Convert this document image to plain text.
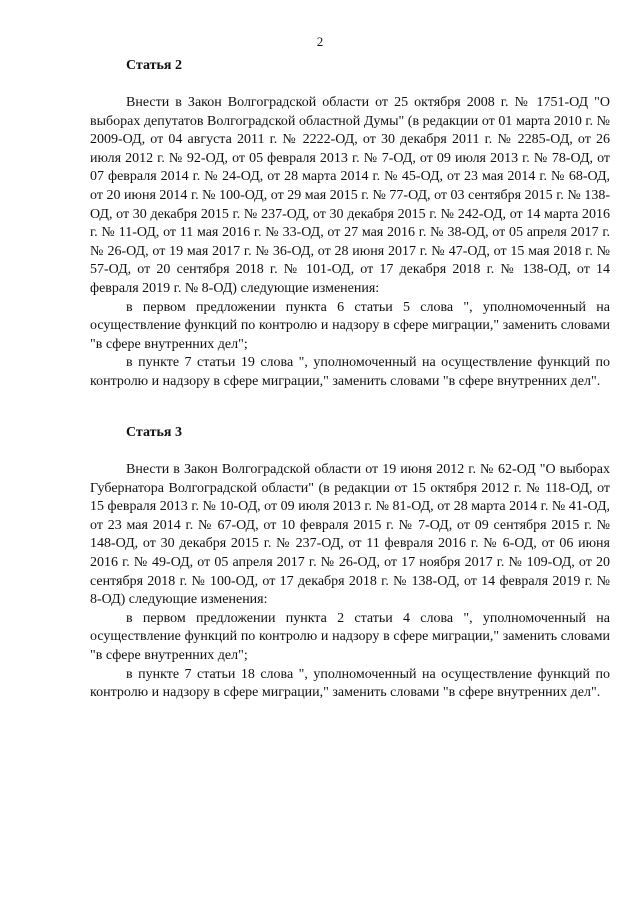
2

Статья 2

Внести в Закон Волгоградской области от 25 октября 2008 г. № 1751-ОД "О выборах депутатов Волгоградской областной Думы" (в редакции от 01 марта 2010 г. № 2009-ОД, от 04 августа 2011 г. № 2222-ОД, от 30 декабря 2011 г. № 2285-ОД, от 26 июля 2012 г. № 92-ОД, от 05 февраля 2013 г. № 7-ОД, от 09 июля 2013 г. № 78-ОД, от 07 февраля 2014 г. № 24-ОД, от 28 марта 2014 г. № 45-ОД, от 23 мая 2014 г. № 68-ОД, от 20 июня 2014 г. № 100-ОД, от 29 мая 2015 г. № 77-ОД, от 03 сентября 2015 г. № 138-ОД, от 30 декабря 2015 г. № 237-ОД, от 30 декабря 2015 г. № 242-ОД, от 14 марта 2016 г. № 11-ОД, от 11 мая 2016 г. № 33-ОД, от 27 мая 2016 г. № 38-ОД, от 05 апреля 2017 г. № 26-ОД, от 19 мая 2017 г. № 36-ОД, от 28 июня 2017 г. № 47-ОД, от 15 мая 2018 г. № 57-ОД, от 20 сентября 2018 г. № 101-ОД, от 17 декабря 2018 г. № 138-ОД, от 14 февраля 2019 г. № 8-ОД) следующие изменения:

в первом предложении пункта 6 статьи 5 слова ", уполномоченный на осуществление функций по контролю и надзору в сфере миграции," заменить словами "в сфере внутренних дел";

в пункте 7 статьи 19 слова ", уполномоченный на осуществление функций по контролю и надзору в сфере миграции," заменить словами "в сфере внутренних дел".

Статья 3

Внести в Закон Волгоградской области от 19 июня 2012 г. № 62-ОД "О выборах Губернатора Волгоградской области" (в редакции от 15 октября 2012 г. № 118-ОД, от 15 февраля 2013 г. № 10-ОД, от 09 июля 2013 г. № 81-ОД, от 28 марта 2014 г. № 41-ОД, от 23 мая 2014 г. № 67-ОД, от 10 февраля 2015 г. № 7-ОД, от 09 сентября 2015 г. № 148-ОД, от 30 декабря 2015 г. № 237-ОД, от 11 февраля 2016 г. № 6-ОД, от 06 июня 2016 г. № 49-ОД, от 05 апреля 2017 г. № 26-ОД, от 17 ноября 2017 г. № 109-ОД, от 20 сентября 2018 г. № 100-ОД, от 17 декабря 2018 г. № 138-ОД, от 14 февраля 2019 г. № 8-ОД) следующие изменения:

в первом предложении пункта 2 статьи 4 слова ", уполномоченный на осуществление функций по контролю и надзору в сфере миграции," заменить словами "в сфере внутренних дел";

в пункте 7 статьи 18 слова ", уполномоченный на осуществление функций по контролю и надзору в сфере миграции," заменить словами "в сфере внутренних дел".
